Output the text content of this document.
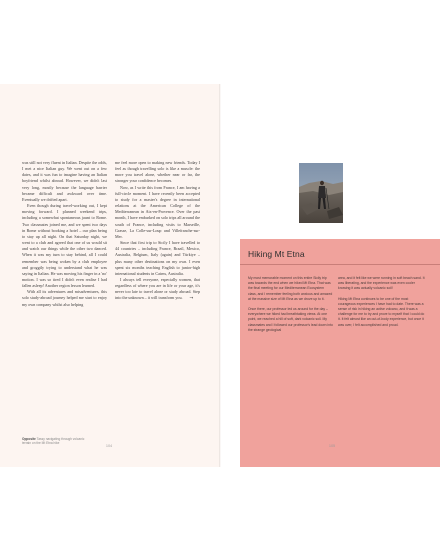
was still not very fluent in Italian. Despite the odds, I met a nice Italian guy. We went out on a few dates, and it was fun to imagine having an Italian boyfriend whilst abroad. However, we didn't last very long, mostly because the language barrier became difficult and awkward over time. Eventually we drifted apart.

Even though during travel-working out, I kept moving forward. I planned weekend trips, including a somewhat spontaneous jaunt to Rome. Two classmates joined me, and we spent two days in Rome without booking a hotel – our plan being to stay up all night. On that Saturday night, we went to a club and agreed that one of us would sit and watch our things while the other two danced. When it was my turn to stay behind, all I could remember was being woken by a club employee and groggily trying to understand what he was saying in Italian. He was moving his finger in a 'no' motion. I was so tired I didn't even realise I had fallen asleep! Another region lesson learned.

With all its adventures and misadventures, this solo study-abroad journey helped me start to enjoy my own company whilst also helping

me feel more open to making new friends. Today I feel as though travelling solo is like a muscle: the more you travel alone, whether near or far, the stronger your confidence becomes.

Now, as I write this from France, I am having a full-circle moment. I have recently been accepted to study for a master's degree in international relations at the American College of the Mediterranean in Aix-en-Provence. Over the past month, I have embarked on solo trips all around the south of France, including visits to Marseille, Grasse, La Colle-sur-Loup and Villefranche-sur-Mer.

Since that first trip to Sicily I have travelled to 44 countries – including France, Brazil, Mexico, Australia, Belgium, Italy (again) and Türkiye – plus many other destinations on my own. I even spent six months teaching English to junior-high international students in Cairns, Australia.

I always tell everyone, especially women, that regardless of where you are in life or your age, it's never too late to travel alone or study abroad. Step into the unknown – it will transform you. →

Opposite Tassy navigating through volcanic terrain on the Mt Etna hike
104
Hiking Mt Etna

My most memorable moment on this entire Sicily trip was towards the end when we hiked Mt Etna. That was the final meeting for our Mediterranean Ecosystem class, and I remember feeling both anxious and amazed at the massive size of Mt Etna as we drove up to it.

Once there, our professor led us around for the day – everywhere we hiked had breathtaking views. At one point, we reached a hill of soft, dark volcanic soil. My classmates and I followed our professor's lead down into the strange geological

area, and it felt like we were running in soft beach sand. It was liberating, and the experience was even cooler knowing it was actually volcanic soil!

Hiking Mt Etna continues to be one of the most courageous experiences I have had to date. There was a sense of risk in hiking an active volcano, and it was a challenge for me to try and prove to myself that I could do it. It felt almost like an out-of-body experience, but once it was over, I felt accomplished and proud.

105
